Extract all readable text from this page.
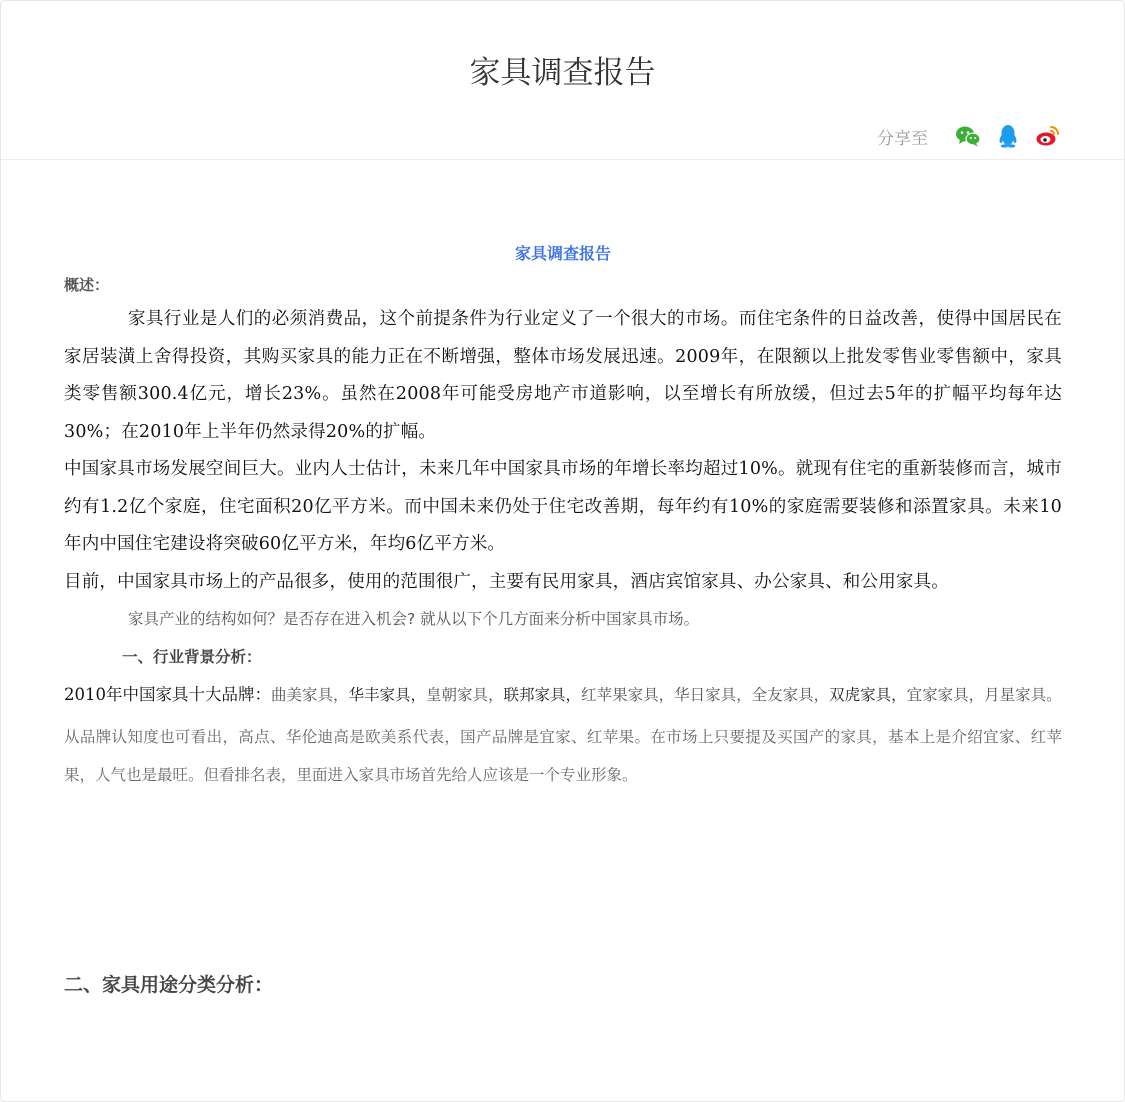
家具调查报告
分享至

家具调查报告

概述：

家具行业是人们的必须消费品，这个前提条件为行业定义了一个很大的市场。而住宅条件的日益改善，使得中国居民在家居装潢上舍得投资，其购买家具的能力正在不断增强，整体市场发展迅速。2009年，在限额以上批发零售业零售额中，家具类零售额300.4亿元，增长23%。虽然在2008年可能受房地产市道影响，以至增长有所放缓，但过去5年的扩幅平均每年达30%；在2010年上半年仍然录得20%的扩幅。

中国家具市场发展空间巨大。业内人士估计，未来几年中国家具市场的年增长率均超过10%。就现有住宅的重新装修而言，城市约有1.2亿个家庭，住宅面积20亿平方米。而中国未来仍处于住宅改善期，每年约有10%的家庭需要装修和添置家具。未来10年内中国住宅建设将突破60亿平方米，年均6亿平方米。

目前，中国家具市场上的产品很多，使用的范围很广，主要有民用家具，酒店宾馆家具、办公家具、和公用家具。

家具产业的结构如何？是否存在进入机会? 就从以下个几方面来分析中国家具市场。

一、行业背景分析：

2010年中国家具十大品牌：曲美家具，华丰家具，皇朝家具，联邦家具，红苹果家具，华日家具，全友家具，双虎家具，宜家家具，月星家具。

从品牌认知度也可看出，高点、华伦迪高是欧美系代表，国产品牌是宜家、红苹果。在市场上只要提及买国产的家具，基本上是介绍宜家、红苹果，人气也是最旺。但看排名表，里面进入家具市场首先给人应该是一个专业形象。

二、家具用途分类分析：
